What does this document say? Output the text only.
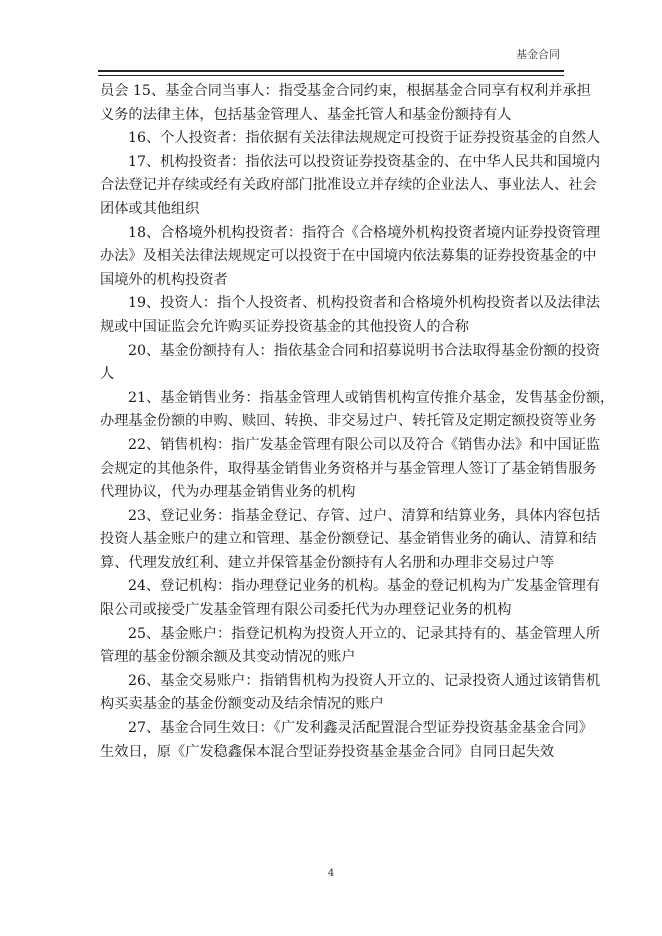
基金合同
员会 15、基金合同当事人：指受基金合同约束，根据基金合同享有权利并承担
义务的法律主体，包括基金管理人、基金托管人和基金份额持有人
16、个人投资者：指依据有关法律法规规定可投资于证券投资基金的自然人
17、机构投资者：指依法可以投资证券投资基金的、在中华人民共和国境内
合法登记并存续或经有关政府部门批准设立并存续的企业法人、事业法人、社会
团体或其他组织
18、合格境外机构投资者：指符合《合格境外机构投资者境内证券投资管理
办法》及相关法律法规规定可以投资于在中国境内依法募集的证券投资基金的中
国境外的机构投资者
19、投资人：指个人投资者、机构投资者和合格境外机构投资者以及法律法
规或中国证监会允许购买证券投资基金的其他投资人的合称
20、基金份额持有人：指依基金合同和招募说明书合法取得基金份额的投资
人
21、基金销售业务：指基金管理人或销售机构宣传推介基金，发售基金份额，
办理基金份额的申购、赎回、转换、非交易过户、转托管及定期定额投资等业务
22、销售机构：指广发基金管理有限公司以及符合《销售办法》和中国证监
会规定的其他条件，取得基金销售业务资格并与基金管理人签订了基金销售服务
代理协议，代为办理基金销售业务的机构
23、登记业务：指基金登记、存管、过户、清算和结算业务，具体内容包括
投资人基金账户的建立和管理、基金份额登记、基金销售业务的确认、清算和结
算、代理发放红利、建立并保管基金份额持有人名册和办理非交易过户等
24、登记机构：指办理登记业务的机构。基金的登记机构为广发基金管理有
限公司或接受广发基金管理有限公司委托代为办理登记业务的机构
25、基金账户：指登记机构为投资人开立的、记录其持有的、基金管理人所
管理的基金份额余额及其变动情况的账户
26、基金交易账户：指销售机构为投资人开立的、记录投资人通过该销售机
构买卖基金的基金份额变动及结余情况的账户
27、基金合同生效日：《广发利鑫灵活配置混合型证券投资基金基金合同》
生效日，原《广发稳鑫保本混合型证券投资基金基金合同》自同日起失效
4
